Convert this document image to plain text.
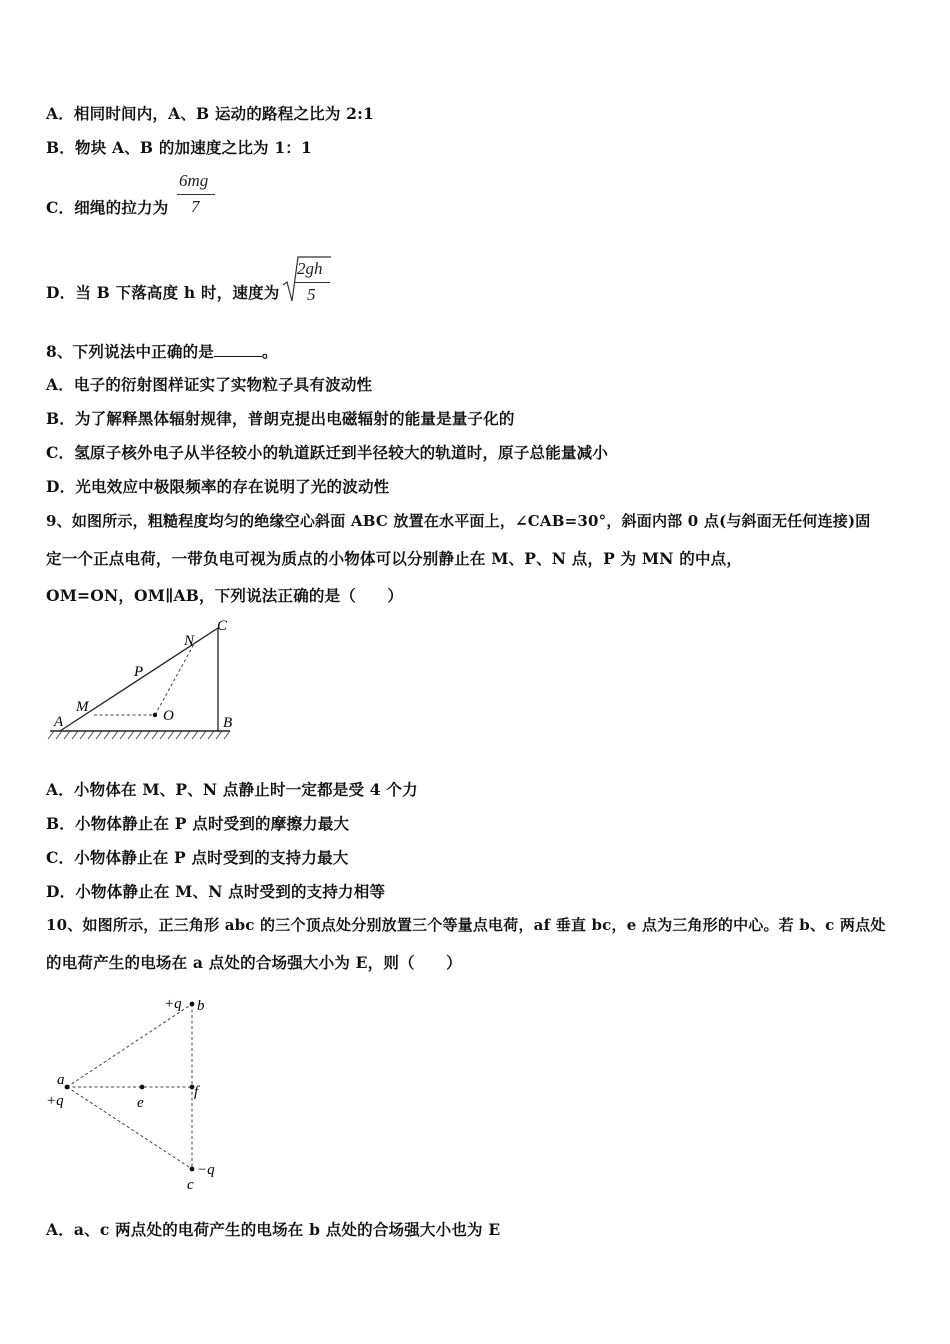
A．相同时间内，A、B 运动的路程之比为 2:1
B．物块 A、B 的加速度之比为 1：1
C．细绳的拉力为
6mg
7
D．当 B 下落高度 h 时，速度为
2gh
5
8、下列说法中正确的是	。
A．电子的衍射图样证实了实物粒子具有波动性
B．为了解释黑体辐射规律，普朗克提出电磁辐射的能量是量子化的
C．氢原子核外电子从半径较小的轨道跃迁到半径较大的轨道时，原子总能量减小
D．光电效应中极限频率的存在说明了光的波动性
9、如图所示，粗糙程度均匀的绝缘空心斜面 ABC 放置在水平面上，∠CAB=30°，斜面内部 0 点(与斜面无任何连接)固
定一个正点电荷，一带负电可视为质点的小物体可以分别静止在 M、P、N 点，P 为 MN 的中点，
OM=ON，OM∥AB，下列说法正确的是（　　）
A	B
C
M
N
P
O
A．小物体在 M、P、N 点静止时一定都是受 4 个力
B．小物体静止在 P 点时受到的摩擦力最大
C．小物体静止在 P 点时受到的支持力最大
D．小物体静止在 M、N 点时受到的支持力相等
10、如图所示，正三角形 abc 的三个顶点处分别放置三个等量点电荷，af 垂直 bc，e 点为三角形的中心。若 b、c 两点处
的电荷产生的电场在 a 点处的合场强大小为 E，则（　　）
+q b
a
+q	e
f
−q
c
A．a、c 两点处的电荷产生的电场在 b 点处的合场强大小也为 E
